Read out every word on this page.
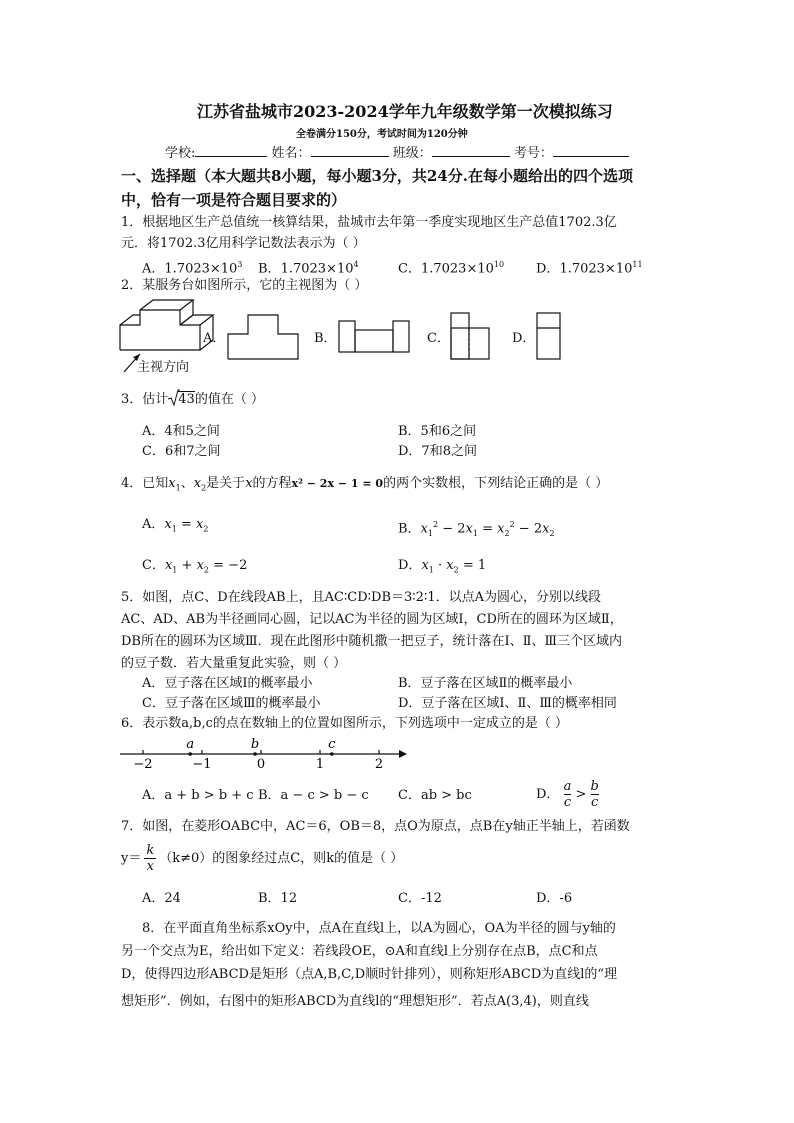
江苏省盐城市2023-2024学年九年级数学第一次模拟练习
全卷满分150分，考试时间为120分钟
学校:	姓名：	班级：	考号：
一、选择题（本大题共8小题，每小题3分，共24分.在每小题给出的四个选项
中，恰有一项是符合题目要求的）
1．根据地区生产总值统一核算结果，盐城市去年第一季度实现地区生产总值1702.3亿
元．将1702.3亿用科学记数法表示为（ ）
A．$1.7023\times 10^3$ B．$1.7023\times 10^4$	C．$1.7023\times 10^{10}$ D．$1.7023\times 10^{11}$
2．某服务台如图所示，它的主视图为（ ）
主视方向
A．	B．	C．	D．
3．估计 43的值在（ ）
A．4和5之间	B．5和6之间
C．6和7之间	D．7和8之间
4．已知$x_1$、$x_2$是关于x的方程x² − 2x − 1 = 0的两个实数根，下列结论正确的是（ ）
A．$x_1 = x_2$	B．$x_1^2 - 2x_1 = x_2^2 - 2x_2$
C．$x_1 + x_2 = -2$	D．$x_1 \cdot x_2 = 1$
5．如图，点C、D在线段AB上，且AC∶CD∶DB＝3∶2∶1．以点A为圆心，分别以线段
AC、AD、AB为半径画同心圆，记以AC为半径的圆为区域Ⅰ，CD所在的圆环为区域Ⅱ，
DB所在的圆环为区域Ⅲ．现在此图形中随机撒一把豆子，统计落在Ⅰ、Ⅱ、Ⅲ三个区域内
的豆子数．若大量重复此实验，则（ ）
A．豆子落在区域Ⅰ的概率最小	B．豆子落在区域Ⅱ的概率最小
C．豆子落在区域Ⅲ的概率最小	D．豆子落在区域Ⅰ、Ⅱ、Ⅲ的概率相同
6．表示数a,b,c的点在数轴上的位置如图所示，下列选项中一定成立的是（ ）
−2	−1	0	1	2
a	b	c
A．a + b > b + c B．a − c > b − c C．ab > bc	D． $\frac{a}{c} > \frac{b}{c}$
7．如图，在菱形OABC中，AC＝6，OB＝8，点O为原点，点B在y轴正半轴上，若函数
$y= \frac{k}{x} (k\ne 0)$的图象经过点C，则k的值是（ ）
A．24	B．12	C．-12	D．-6
8．在平面直角坐标系xOy中，点A在直线l上，以A为圆心，OA为半径的圆与y轴的
另一个交点为E，给出如下定义：若线段OE，⊙A和直线l上分别存在点B，点C和点
D，使得四边形ABCD是矩形（点A,B,C,D顺时针排列），则称矩形ABCD为直线l的“理
想矩形”．例如，右图中的矩形ABCD为直线l的“理想矩形”．若点A(3,4)，则直线
